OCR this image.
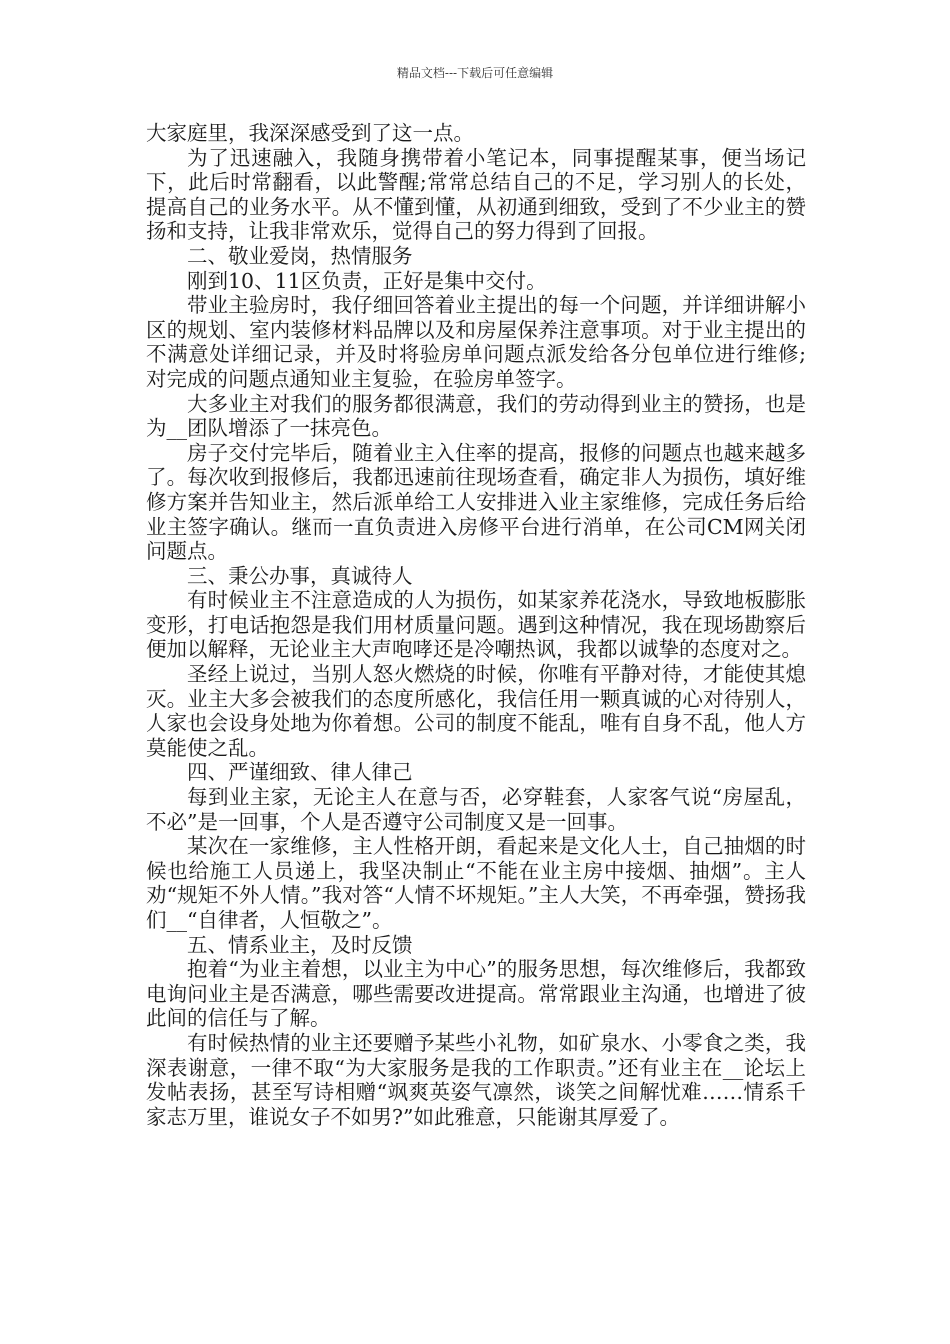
精品文档---下载后可任意编辑

大家庭里，我深深感受到了这一点。

为了迅速融入，我随身携带着小笔记本，同事提醒某事，便当场记下，此后时常翻看，以此警醒;常常总结自己的不足，学习别人的长处，提高自己的业务水平。从不懂到懂，从初通到细致，受到了不少业主的赞扬和支持，让我非常欢乐，觉得自己的努力得到了回报。

二、敬业爱岗，热情服务

刚到10、11区负责，正好是集中交付。

带业主验房时，我仔细回答着业主提出的每一个问题，并详细讲解小区的规划、室内装修材料品牌以及和房屋保养注意事项。对于业主提出的不满意处详细记录，并及时将验房单问题点派发给各分包单位进行维修;对完成的问题点通知业主复验，在验房单签字。

大多业主对我们的服务都很满意，我们的劳动得到业主的赞扬，也是为__团队增添了一抹亮色。

房子交付完毕后，随着业主入住率的提高，报修的问题点也越来越多了。每次收到报修后，我都迅速前往现场查看，确定非人为损伤，填好维修方案并告知业主，然后派单给工人安排进入业主家维修，完成任务后给业主签字确认。继而一直负责进入房修平台进行消单，在公司CM网关闭问题点。

三、秉公办事，真诚待人

有时候业主不注意造成的人为损伤，如某家养花浇水，导致地板膨胀变形，打电话抱怨是我们用材质量问题。遇到这种情况，我在现场勘察后便加以解释，无论业主大声咆哮还是冷嘲热讽，我都以诚挚的态度对之。

圣经上说过，当别人怒火燃烧的时候，你唯有平静对待，才能使其熄灭。业主大多会被我们的态度所感化，我信任用一颗真诚的心对待别人，人家也会设身处地为你着想。公司的制度不能乱，唯有自身不乱，他人方莫能使之乱。

四、严谨细致、律人律己

每到业主家，无论主人在意与否，必穿鞋套，人家客气说“房屋乱，不必”是一回事，个人是否遵守公司制度又是一回事。

某次在一家维修，主人性格开朗，看起来是文化人士，自己抽烟的时候也给施工人员递上，我坚决制止“不能在业主房中接烟、抽烟”。主人劝“规矩不外人情。”我对答“人情不坏规矩。”主人大笑，不再牵强，赞扬我们__“自律者，人恒敬之”。

五、情系业主，及时反馈

抱着“为业主着想，以业主为中心”的服务思想，每次维修后，我都致电询问业主是否满意，哪些需要改进提高。常常跟业主沟通，也增进了彼此间的信任与了解。

有时候热情的业主还要赠予某些小礼物，如矿泉水、小零食之类，我深表谢意，一律不取“为大家服务是我的工作职责。”还有业主在__论坛上发帖表扬，甚至写诗相赠“飒爽英姿气凛然，谈笑之间解忧难……情系千家志万里，谁说女子不如男?”如此雅意，只能谢其厚爱了。
